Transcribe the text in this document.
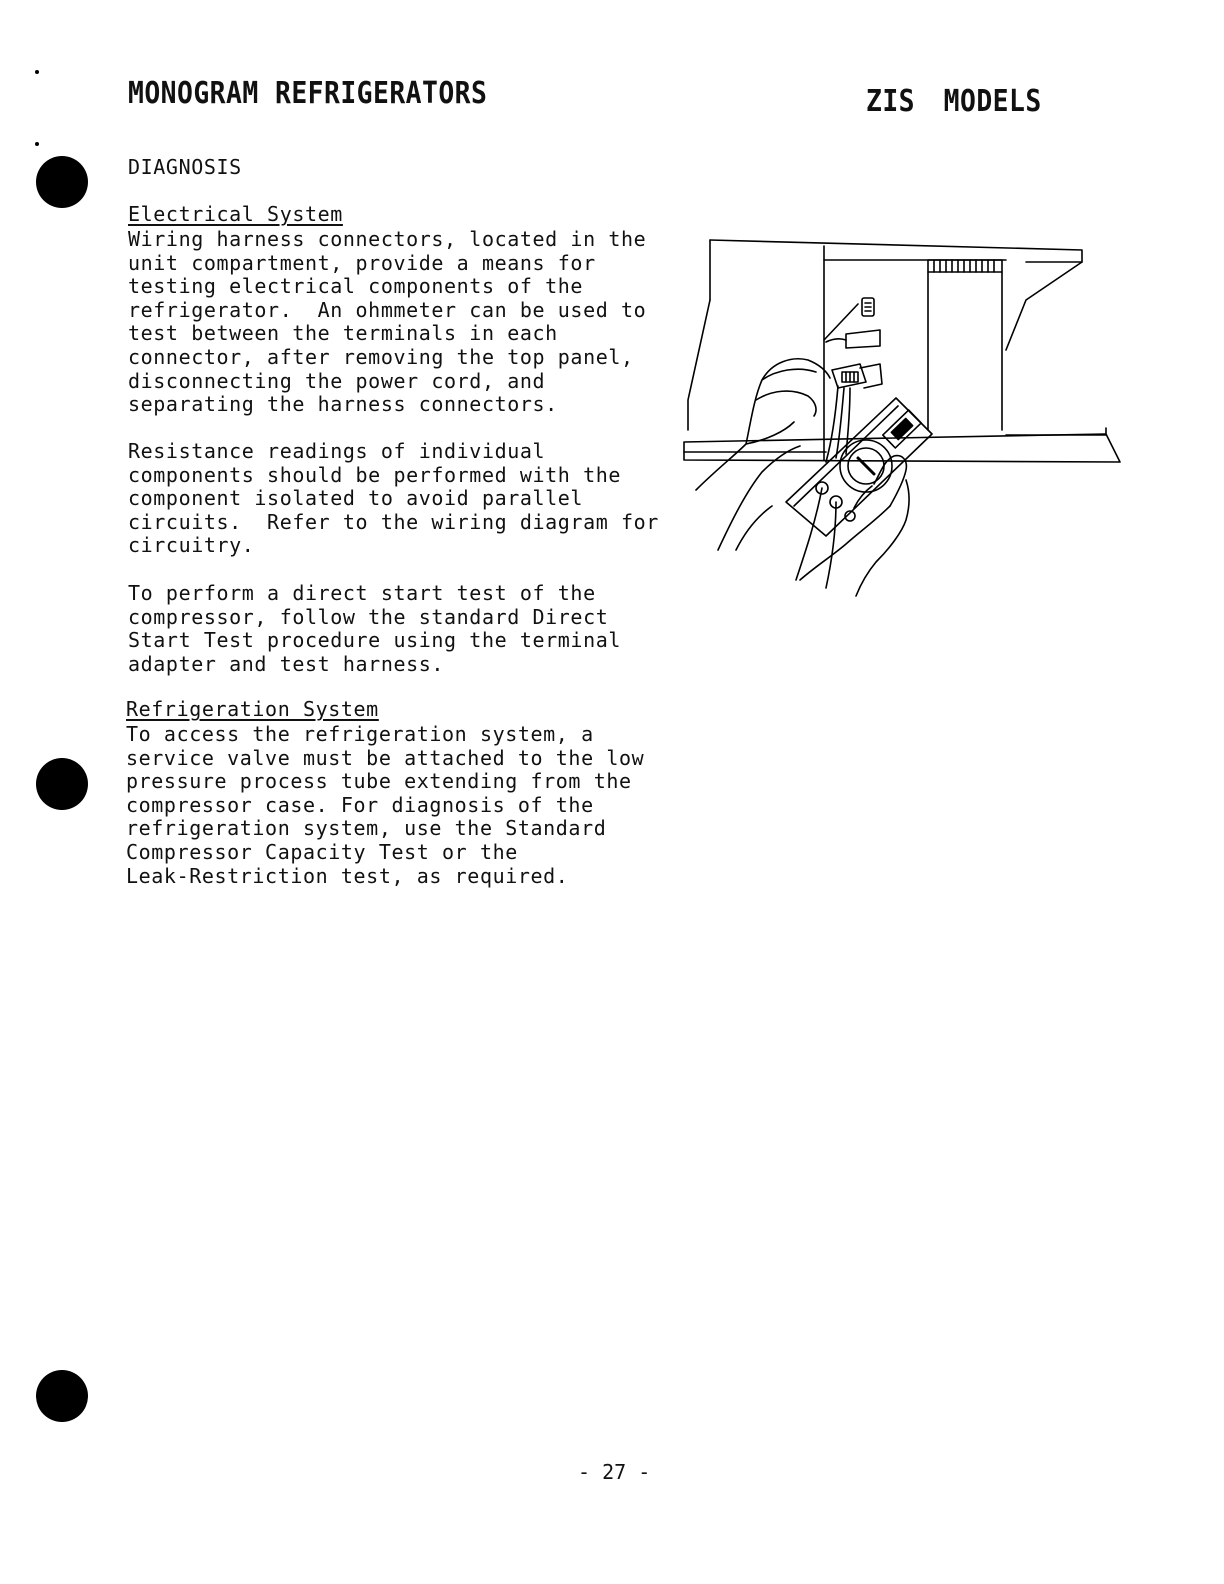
MONOGRAM REFRIGERATORS	ZIS MODELS
DIAGNOSIS
Electrical System
Wiring harness connectors, located in the
unit compartment, provide a means for
testing electrical components of the
refrigerator.  An ohmmeter can be used to
test between the terminals in each
connector, after removing the top panel,
disconnecting the power cord, and
separating the harness connectors.
Resistance readings of individual
components should be performed with the
component isolated to avoid parallel
circuits.  Refer to the wiring diagram for
circuitry.
To perform a direct start test of the
compressor, follow the standard Direct
Start Test procedure using the terminal
adapter and test harness.
Refrigeration System
To access the refrigeration system, a
service valve must be attached to the low
pressure process tube extending from the
compressor case. For diagnosis of the
refrigeration system, use the Standard
Compressor Capacity Test or the
Leak-Restriction test, as required.
- 27 -
